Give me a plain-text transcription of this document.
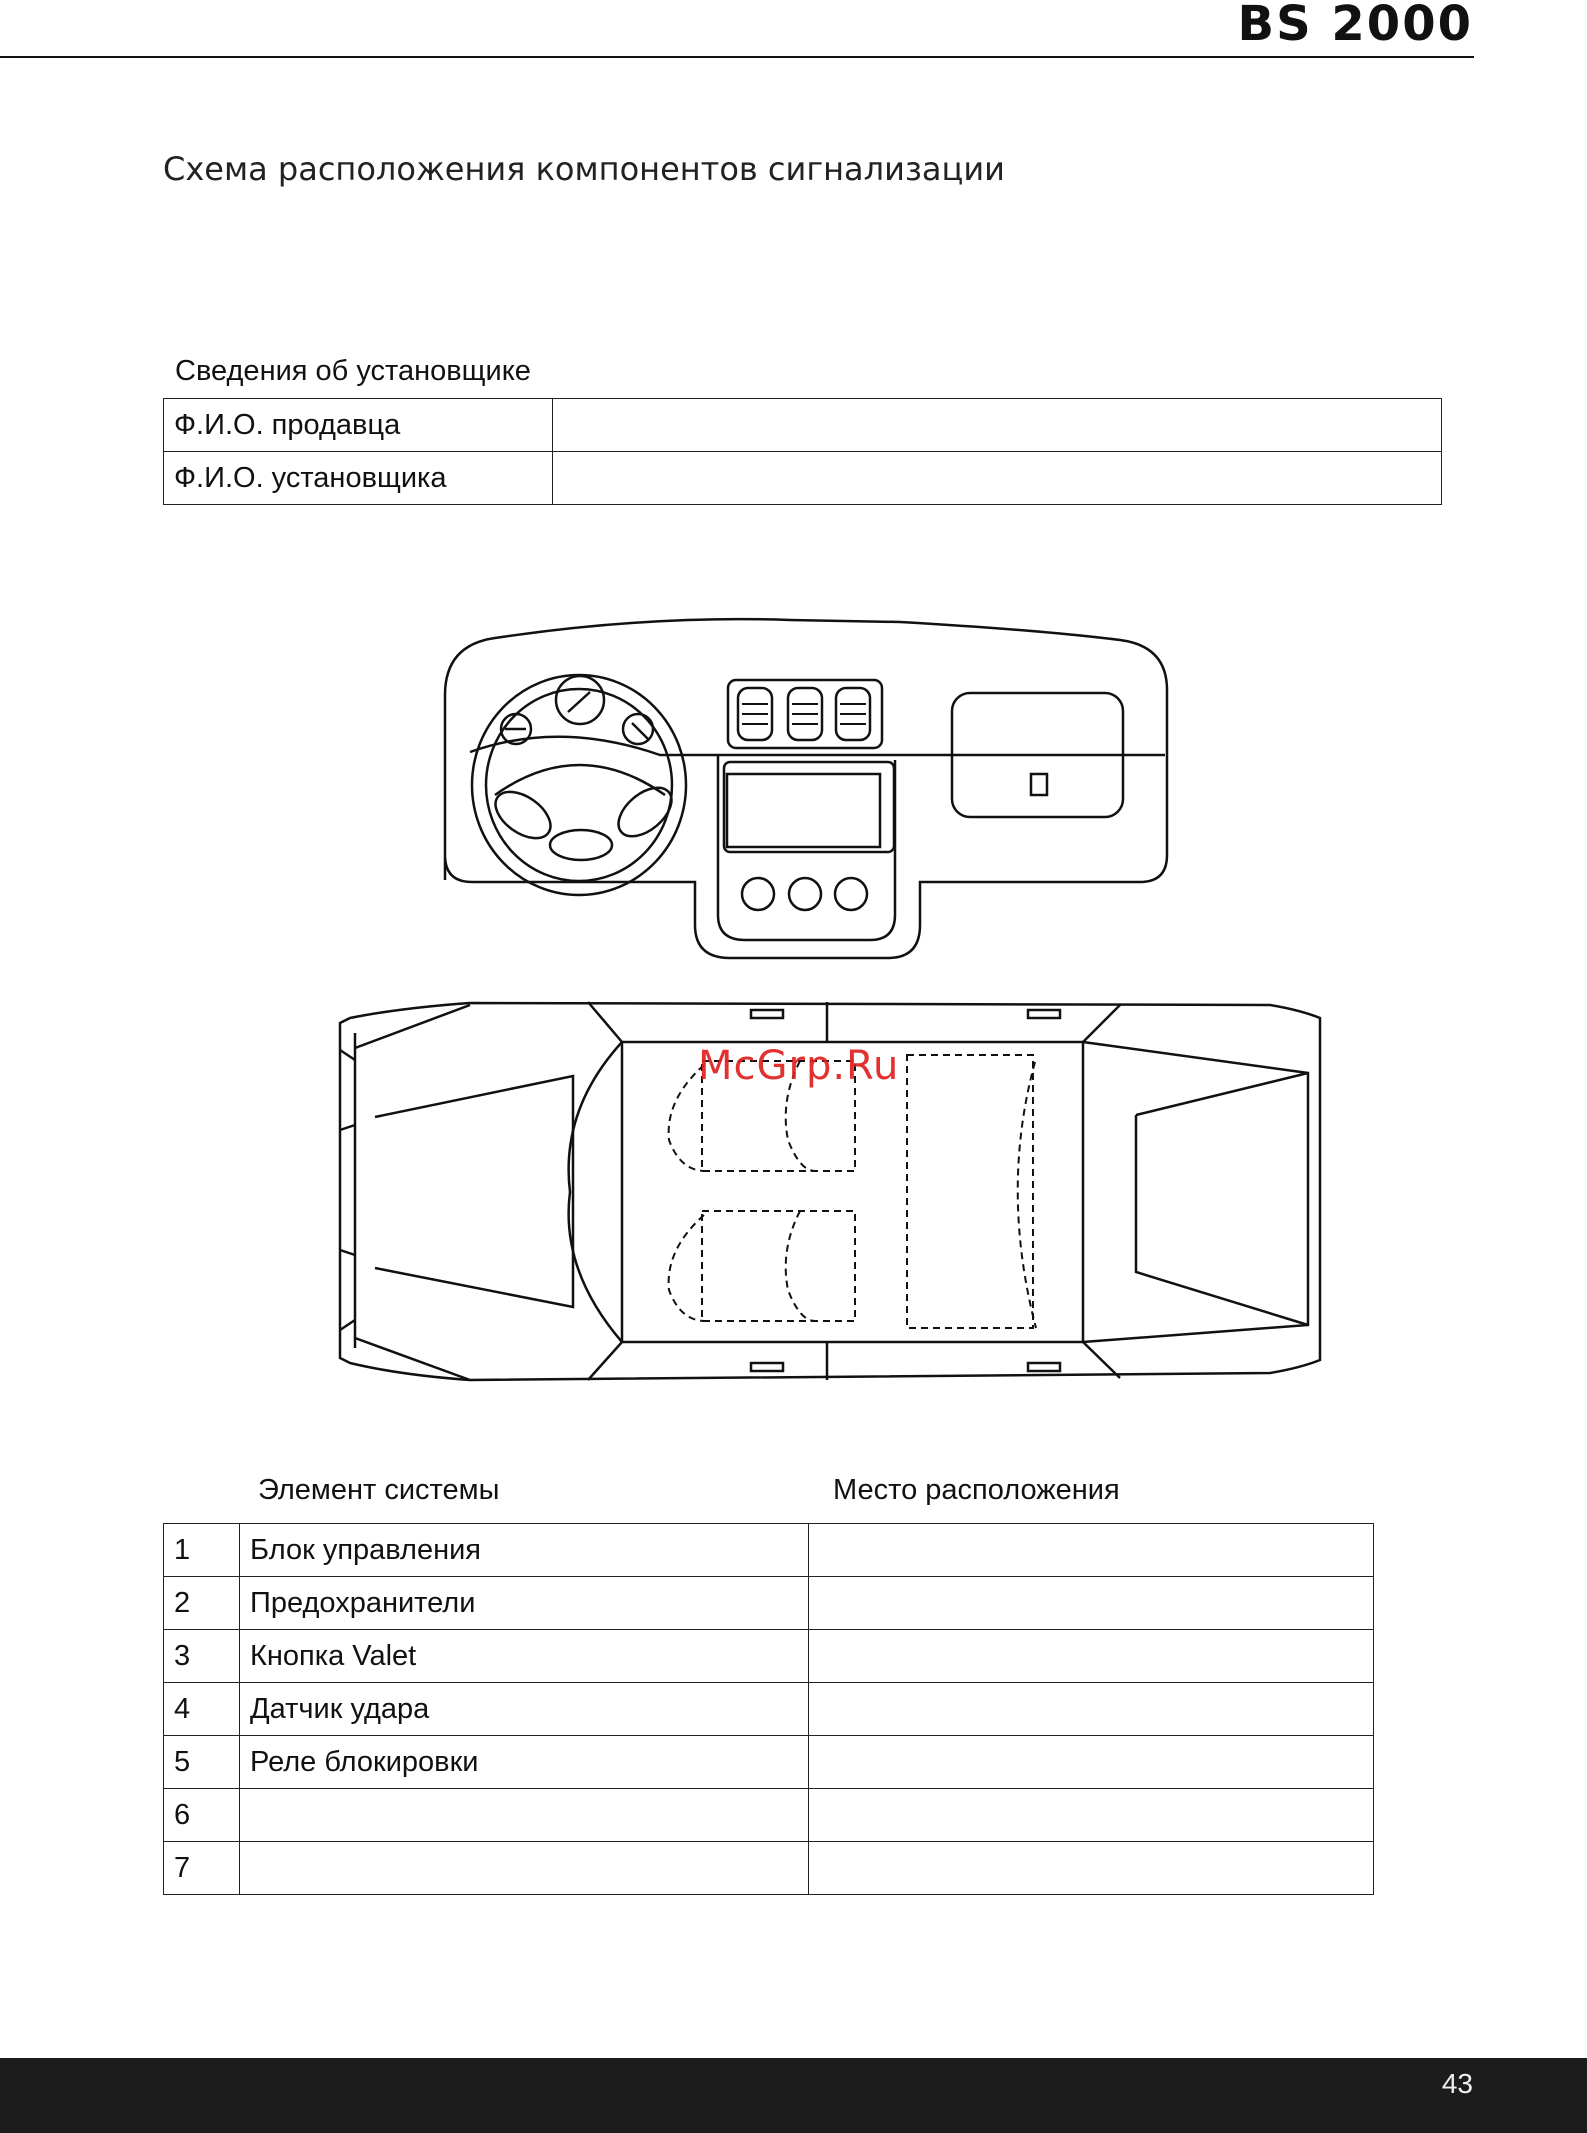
BS 2000
Схема расположения компонентов сигнализации
Сведения об установщике
Ф.И.О. продавца	
Ф.И.О. установщика	
McGrp.Ru
Элемент системы	Место расположения
1	Блок управления	
2	Предохранители	
3	Кнопка Valet	
4	Датчик удара	
5	Реле блокировки	
6		
7		
43
